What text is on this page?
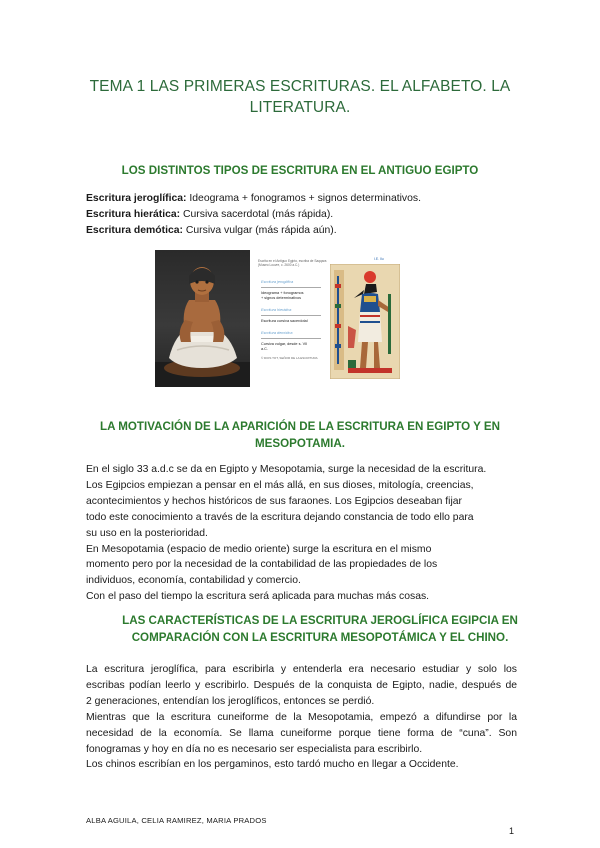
TEMA 1 LAS PRIMERAS ESCRITURAS. EL ALFABETO. LA
LITERATURA.
LOS DISTINTOS TIPOS DE ESCRITURA EN EL ANTIGUO EGIPTO
Escritura jeroglífica: Ideograma + fonogramos + signos determinativos.
Escritura hierática: Cursiva sacerdotal (más rápida).
Escritura demótica: Cursiva vulgar (más rápida aún).
Escrita en el Antiguo Egipto, escriba de Saqqara
(Museo Louvre, c. 2600 a.C.)
I.E. Ilu
Escritura jeroglífica
Ideograma + fonogramos
+ signos determinativos
Escritura hierática
Escritura cursiva sacerdotal
Escritura demótica
Cursiva vulgar, desde s. VII
a.C.
© DIOS TOT, SEÑOR DE LA ESCRITURA
LA MOTIVACIÓN DE LA APARICIÓN DE LA ESCRITURA EN EGIPTO Y EN
MESOPOTAMIA.
En el siglo 33 a.d.c se da en Egipto y Mesopotamia, surge la necesidad de la escritura.
Los Egipcios empiezan a pensar en el más allá, en sus dioses, mitología, creencias,
acontecimientos y hechos históricos de sus faraones. Los Egipcios deseaban fijar
todo este conocimiento a través de la escritura dejando constancia de todo ello para
su uso en la posterioridad.
En Mesopotamia (espacio de medio oriente) surge la escritura en el mismo
momento pero por la necesidad de la contabilidad de las propiedades de los
individuos, economía, contabilidad y comercio.
Con el paso del tiempo la escritura será aplicada para muchas más cosas.
LAS CARACTERÍSTICAS DE LA ESCRITURA JEROGLÍFICA EGIPCIA EN
COMPARACIÓN CON LA ESCRITURA MESOPOTÁMICA Y EL CHINO.
La escritura jeroglífica, para escribirla y entenderla era necesario estudiar y solo los
escribas podían leerlo y escribirlo. Después de la conquista de Egipto, nadie, después de
2 generaciones, entendían los jeroglíficos, entonces se perdió.
Mientras que la escritura cuneiforme de la Mesopotamia, empezó a difundirse por la
necesidad de la economía. Se llama cuneiforme porque tiene forma de “cuna”. Son
fonogramas y hoy en día no es necesario ser especialista para escribirlo.
Los chinos escribían en los pergaminos, esto tardó mucho en llegar a Occidente.
ALBA AGUILA, CELIA RAMIREZ, MARIA PRADOS
1
